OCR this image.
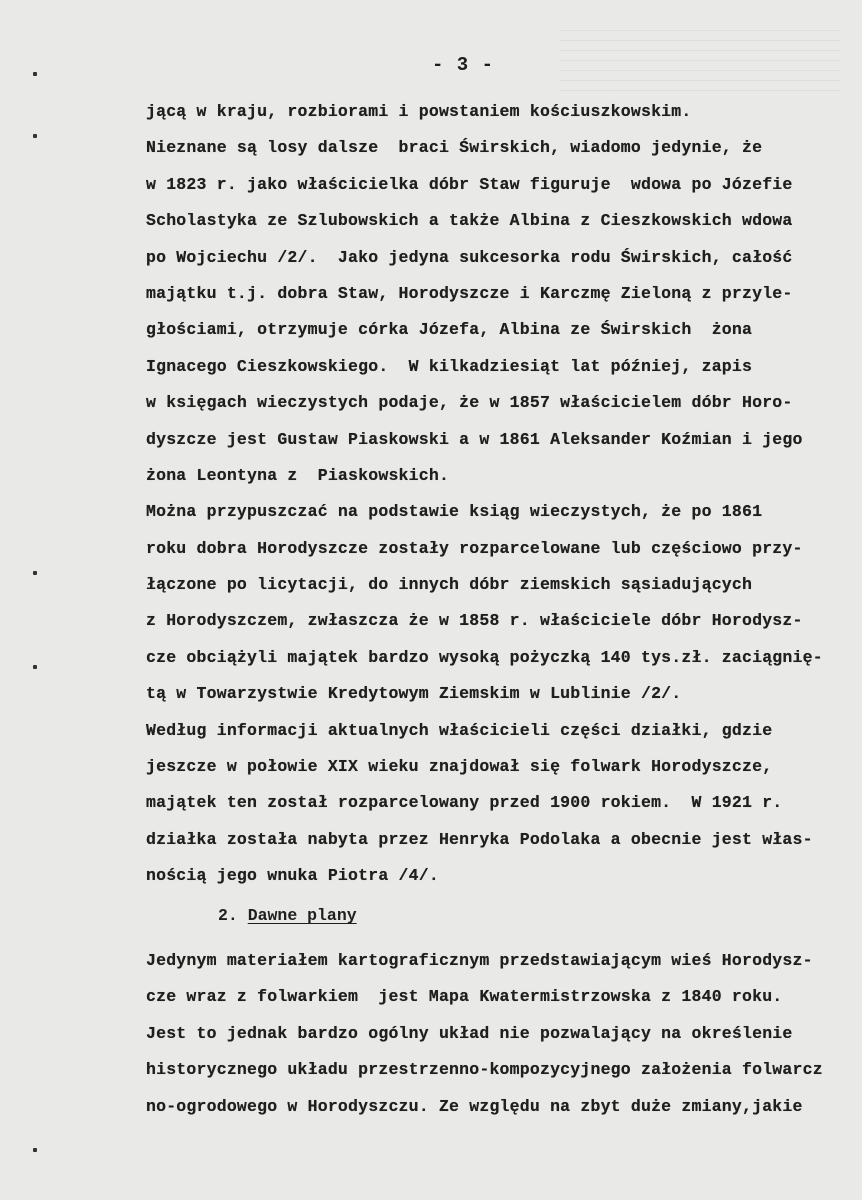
- 3 -
jącą w kraju, rozbiorami i powstaniem kościuszkowskim.
Nieznane są losy dalsze  braci Świrskich, wiadomo jedynie, że
w 1823 r. jako właścicielka dóbr Staw figuruje  wdowa po Józefie
Scholastyka ze Szlubowskich a także Albina z Cieszkowskich wdowa
po Wojciechu /2/.  Jako jedyna sukcesorka rodu Świrskich, całość
majątku t.j. dobra Staw, Horodyszcze i Karczmę Zieloną z przyle-
głościami, otrzymuje córka Józefa, Albina ze Świrskich  żona
Ignacego Cieszkowskiego.  W kilkadziesiąt lat później, zapis
w księgach wieczystych podaje, że w 1857 właścicielem dóbr Horo-
dyszcze jest Gustaw Piaskowski a w 1861 Aleksander Koźmian i jego
żona Leontyna z  Piaskowskich.
Można przypuszczać na podstawie ksiąg wieczystych, że po 1861
roku dobra Horodyszcze zostały rozparcelowane lub częściowo przy-
łączone po licytacji, do innych dóbr ziemskich sąsiadujących
z Horodyszczem, zwłaszcza że w 1858 r. właściciele dóbr Horodysz-
cze obciążyli majątek bardzo wysoką pożyczką 140 tys.zł. zaciągnię-
tą w Towarzystwie Kredytowym Ziemskim w Lublinie /2/.
Według informacji aktualnych właścicieli części działki, gdzie
jeszcze w połowie XIX wieku znajdował się folwark Horodyszcze,
majątek ten został rozparcelowany przed 1900 rokiem.  W 1921 r.
działka została nabyta przez Henryka Podolaka a obecnie jest włas-
nością jego wnuka Piotra /4/.
2. Dawne plany
Jedynym materiałem kartograficznym przedstawiającym wieś Horodysz-
cze wraz z folwarkiem  jest Mapa Kwatermistrzowska z 1840 roku.
Jest to jednak bardzo ogólny układ nie pozwalający na określenie
historycznego układu przestrzenno-kompozycyjnego założenia folwarcz
no-ogrodowego w Horodyszczu. Ze względu na zbyt duże zmiany,jakie
